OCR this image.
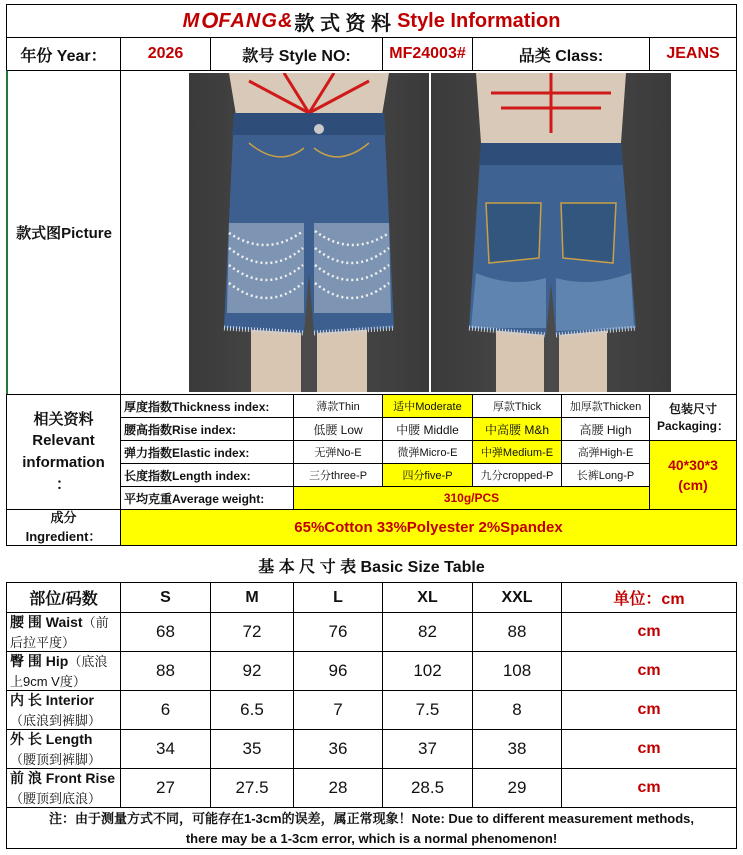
M O FANG & 款 式 资 料 Style Information
年份 Year：	2026	款号 Style NO:	MF24003#	品类 Class:	JEANS
款式图Picture
相关资料
Relevant
information
：
厚度指数Thickness index:	薄款Thin	适中Moderate	厚款Thick	加厚款Thicken
腰高指数Rise index:	低腰 Low	中腰 Middle	中高腰 M&h	高腰 High
弹力指数Elastic index:	无弹No-E	微弹Micro-E	中弹Medium-E	高弹High-E
长度指数Length index:	三分three-P	四分five-P	九分cropped-P	长裤Long-P
平均克重Average weight:	310g/PCS
包装尺寸
Packaging：
40*30*3
(cm)
成分
Ingredient：	65%Cotton 33%Polyester 2%Spandex
基 本 尺 寸 表 Basic Size Table
部位/码数	S	M	L	XL	XXL	单位：cm
腰 围 Waist（前
后拉平度）
68	72	76	82	88	cm
臀 围 Hip（底浪
上9cm V度）
88	92	96	102	108	cm
内 长 Interior
（底浪到裤脚）
6	6.5	7	7.5	8	cm
外 长 Length
（腰顶到裤脚）
34	35	36	37	38	cm
前 浪 Front Rise
（腰顶到底浪）
27	27.5	28	28.5	29	cm
注：由于测量方式不同，可能存在1-3cm的误差，属正常现象！Note: Due to different measurement methods,
there may be a 1-3cm error, which is a normal phenomenon!
